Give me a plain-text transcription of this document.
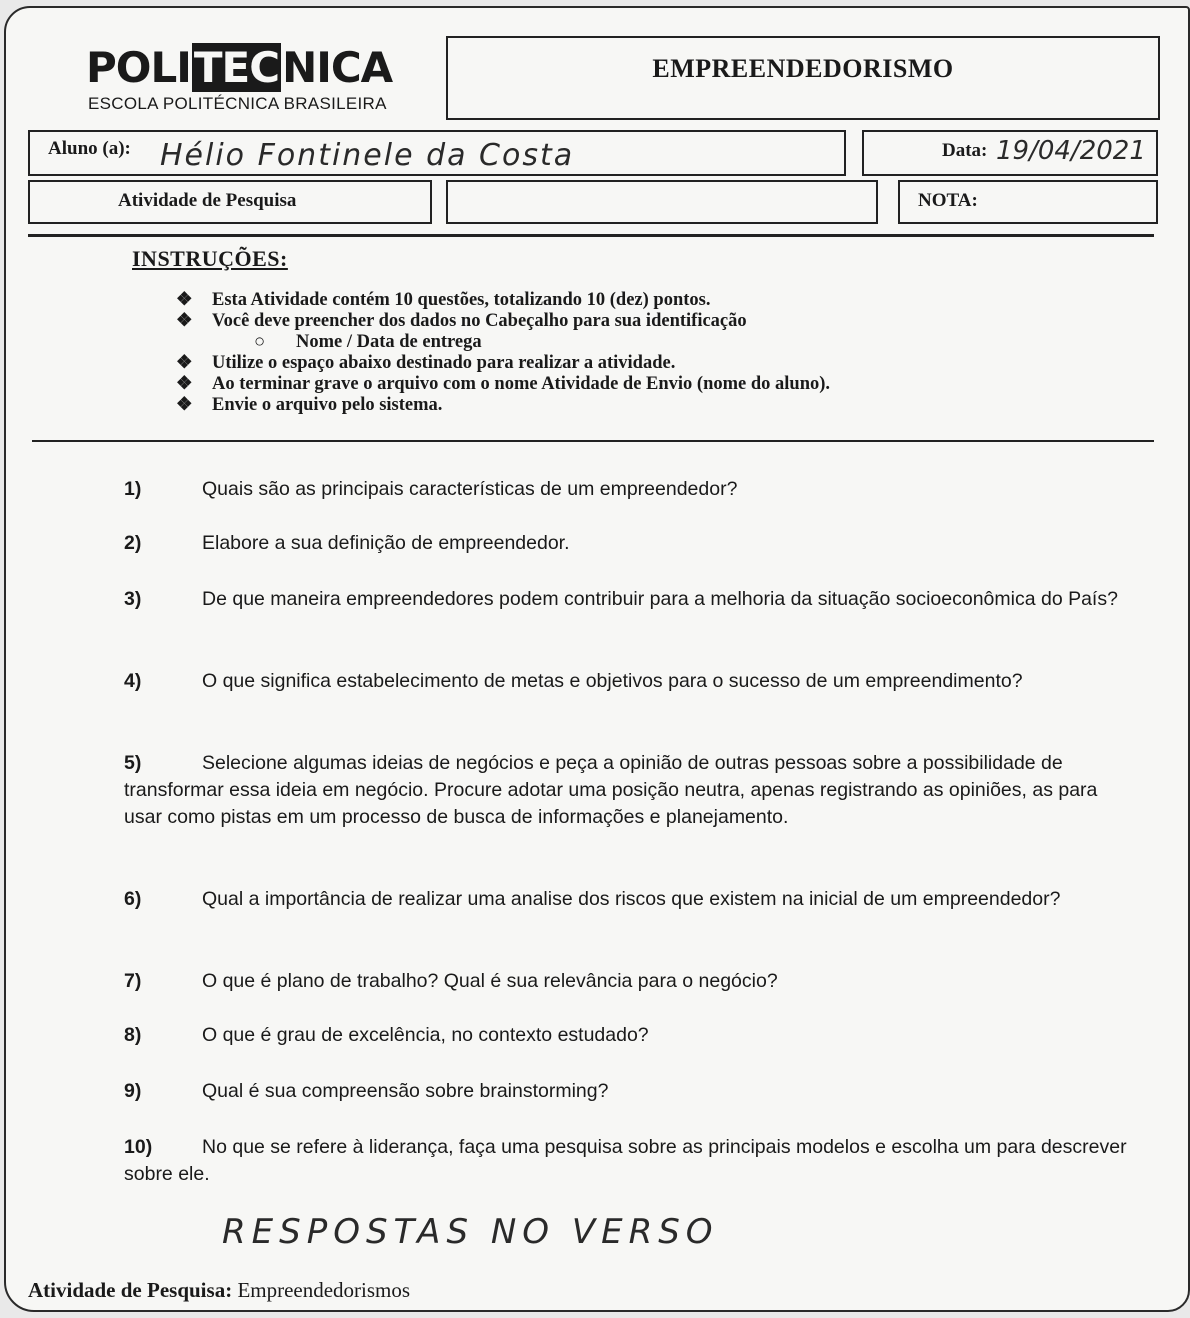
POLITECNICA
ESCOLA POLITÉCNICA BRASILEIRA
EMPREENDEDORISMO
Aluno (a): Hélio Fontinele da Costa	Data: 19/04/2021
Atividade de Pesquisa	NOTA:
INSTRUÇÕES:
❖	Esta Atividade contém 10 questões, totalizando 10 (dez) pontos.
❖	Você deve preencher dos dados no Cabeçalho para sua identificação
○	Nome / Data de entrega
❖	Utilize o espaço abaixo destinado para realizar a atividade.
❖	Ao terminar grave o arquivo com o nome Atividade de Envio (nome do aluno).
❖	Envie o arquivo pelo sistema.
1)	Quais são as principais características de um empreendedor?
2)	Elabore a sua definição de empreendedor.
3)	De que maneira empreendedores podem contribuir para a melhoria da situação socioeconômica do País?
4)	O que significa estabelecimento de metas e objetivos para o sucesso de um empreendimento?
5)	Selecione algumas ideias de negócios e peça a opinião de outras pessoas sobre a possibilidade de transformar essa ideia em negócio. Procure adotar uma posição neutra, apenas registrando as opiniões, as para usar como pistas em um processo de busca de informações e planejamento.
6)	Qual a importância de realizar uma analise dos riscos que existem na inicial de um empreendedor?
7)	O que é plano de trabalho? Qual é sua relevância para o negócio?
8)	O que é grau de excelência, no contexto estudado?
9)	Qual é sua compreensão sobre brainstorming?
10)	No que se refere à liderança, faça uma pesquisa sobre as principais modelos e escolha um para descrever sobre ele.
RESPOSTAS NO VERSO
Atividade de Pesquisa: Empreendedorismos
